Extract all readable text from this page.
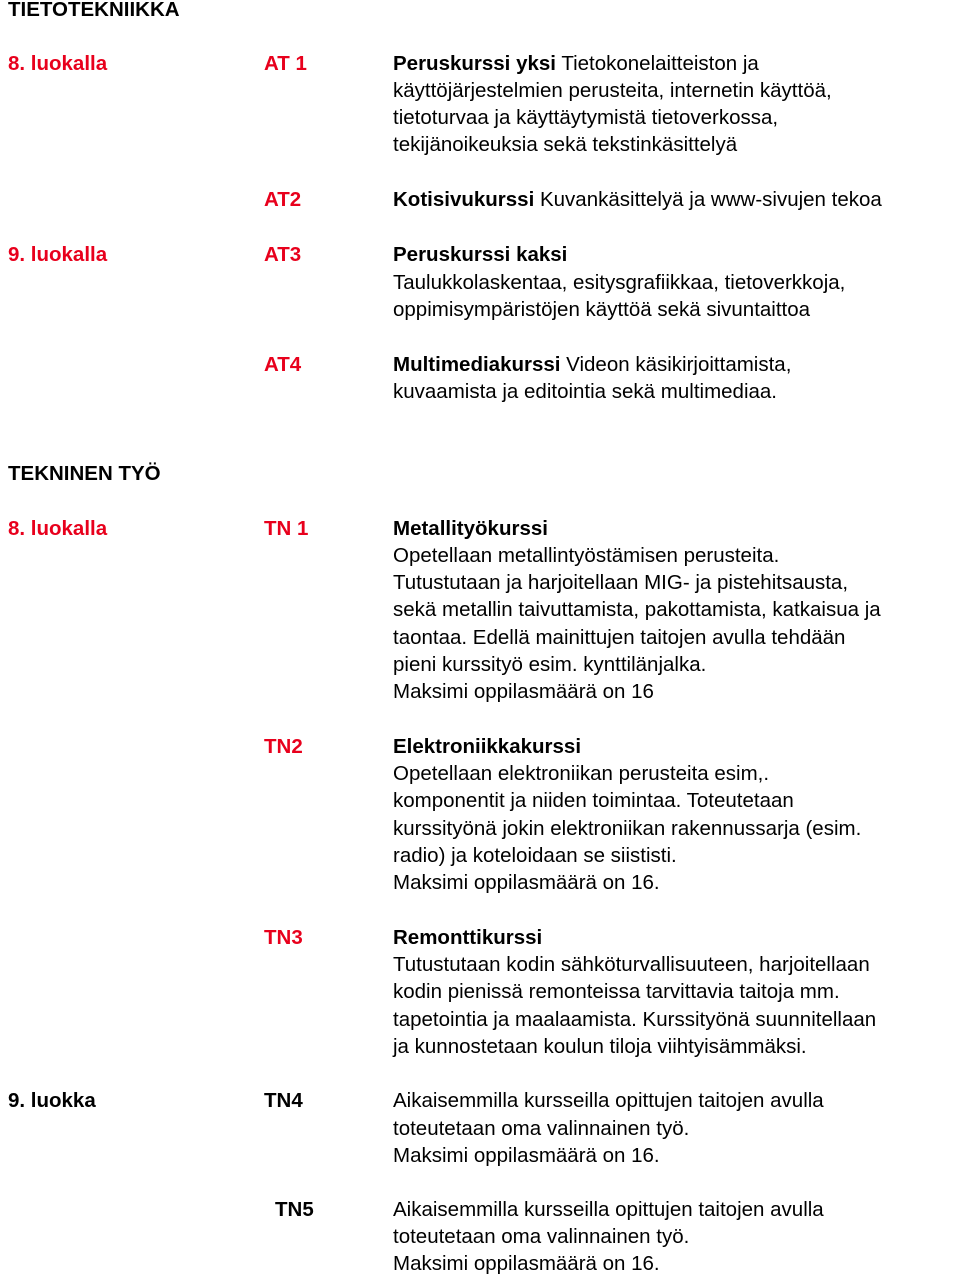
TIETOTEKNIIKKA
8. luokalla	AT 1	Peruskurssi yksi Tietokonelaitteiston ja
käyttöjärjestelmien perusteita, internetin käyttöä,
tietoturvaa ja käyttäytymistä tietoverkossa,
tekijänoikeuksia sekä tekstinkäsittelyä
AT2	Kotisivukurssi Kuvankäsittelyä ja www-sivujen tekoa
9. luokalla	AT3	Peruskurssi kaksi
Taulukkolaskentaa, esitysgrafiikkaa, tietoverkkoja,
oppimisympäristöjen käyttöä sekä sivuntaittoa
AT4	Multimediakurssi Videon käsikirjoittamista,
kuvaamista ja editointia sekä multimediaa.
TEKNINEN TYÖ
8. luokalla	TN 1	Metallityökurssi
Opetellaan metallintyöstämisen perusteita.
Tutustutaan ja harjoitellaan MIG- ja pistehitsausta,
sekä metallin taivuttamista, pakottamista, katkaisua ja
taontaa. Edellä mainittujen taitojen avulla tehdään
pieni kurssityö esim. kynttilänjalka.
Maksimi oppilasmäärä on 16
TN2	Elektroniikkakurssi
Opetellaan elektroniikan perusteita esim,.
komponentit ja niiden toimintaa. Toteutetaan
kurssityönä jokin elektroniikan rakennussarja (esim.
radio) ja koteloidaan se siististi.
Maksimi oppilasmäärä on 16.
TN3	Remonttikurssi
Tutustutaan kodin sähköturvallisuuteen, harjoitellaan
kodin pienissä remonteissa tarvittavia taitoja mm.
tapetointia ja maalaamista. Kurssityönä suunnitellaan
ja kunnostetaan koulun tiloja viihtyisämmäksi.
9. luokka	TN4	Aikaisemmilla kursseilla opittujen taitojen avulla
toteutetaan oma valinnainen työ.
Maksimi oppilasmäärä on 16.
TN5	Aikaisemmilla kursseilla opittujen taitojen avulla
toteutetaan oma valinnainen työ.
Maksimi oppilasmäärä on 16.
